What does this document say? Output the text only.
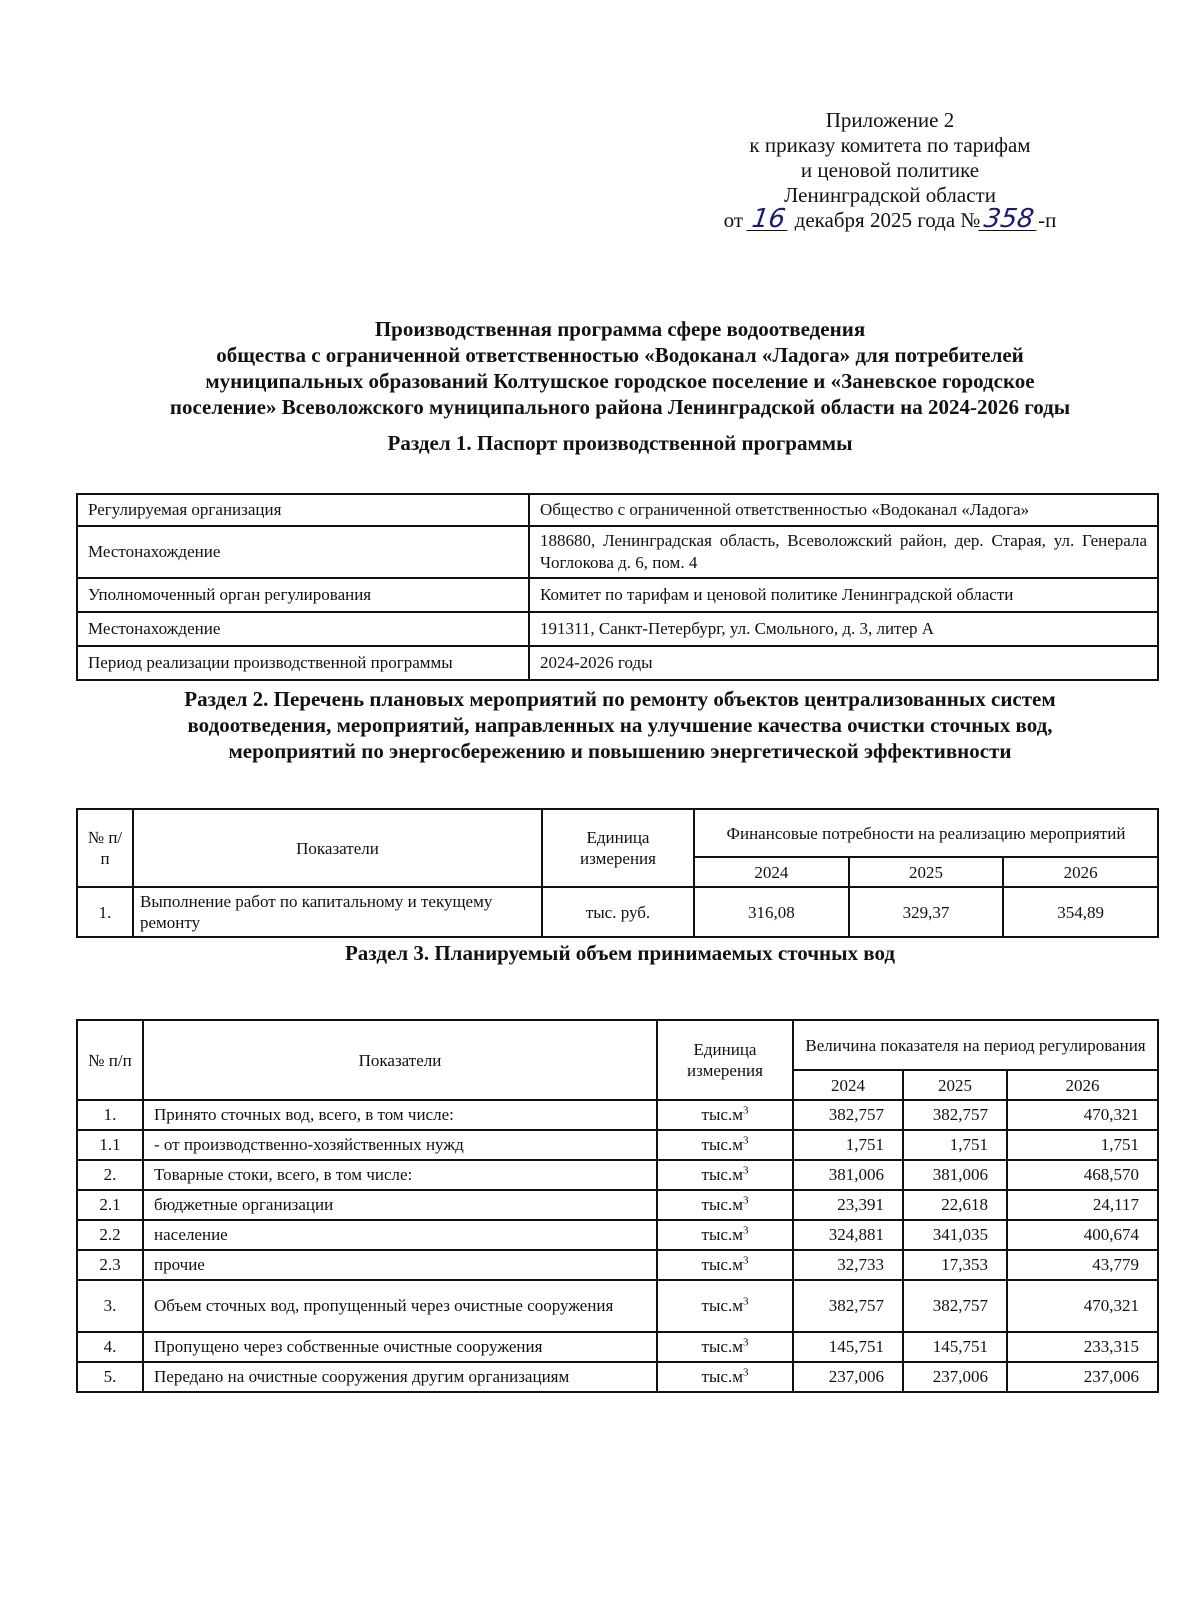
Приложение 2
к приказу комитета по тарифам
и ценовой политике
Ленинградской области
от 16 декабря 2025 года №358-п
Производственная программа сфере водоотведения
общества с ограниченной ответственностью «Водоканал «Ладога» для потребителей
муниципальных образований Колтушское городское поселение и «Заневское городское
поселение» Всеволожского муниципального района Ленинградской области на 2024-2026 годы
Раздел 1. Паспорт производственной программы
Регулируемая организация	Общество с ограниченной ответственностью «Водоканал «Ладога»
Местонахождение	188680, Ленинградская область, Всеволожский район, дер. Старая, ул. Генерала Чоглокова д. 6, пом. 4
Уполномоченный орган регулирования	Комитет по тарифам и ценовой политике Ленинградской области
Местонахождение	191311, Санкт-Петербург, ул. Смольного, д. 3, литер А
Период реализации производственной программы	2024-2026 годы
Раздел 2. Перечень плановых мероприятий по ремонту объектов централизованных систем
водоотведения, мероприятий, направленных на улучшение качества очистки сточных вод,
мероприятий по энергосбережению и повышению энергетической эффективности
№ п/п	Показатели	Единица измерения	Финансовые потребности на реализацию мероприятий		
			2024	2025	2026
1.	Выполнение работ по капитальному и текущему ремонту	тыс. руб.	316,08	329,37	354,89
Раздел 3. Планируемый объем принимаемых сточных вод
№ п/п	Показатели	Единица измерения	Величина показателя на период регулирования		
			2024	2025	2026
1.	Принято сточных вод, всего, в том числе:	$тыс.м^3$	382,757	382,757	470,321
1.1	- от производственно-хозяйственных нужд	$тыс.м^3$	1,751	1,751	1,751
2.	Товарные стоки, всего, в том числе:	$тыс.м^3$	381,006	381,006	468,570
2.1	бюджетные организации	$тыс.м^3$	23,391	22,618	24,117
2.2	население	$тыс.м^3$	324,881	341,035	400,674
2.3	прочие	$тыс.м^3$	32,733	17,353	43,779
3.	Объем сточных вод, пропущенный через очистные сооружения	$тыс.м^3$	382,757	382,757	470,321
4.	Пропущено через собственные очистные сооружения	$тыс.м^3$	145,751	145,751	233,315
5.	Передано на очистные сооружения другим организациям	$тыс.м^3$	237,006	237,006	237,006
